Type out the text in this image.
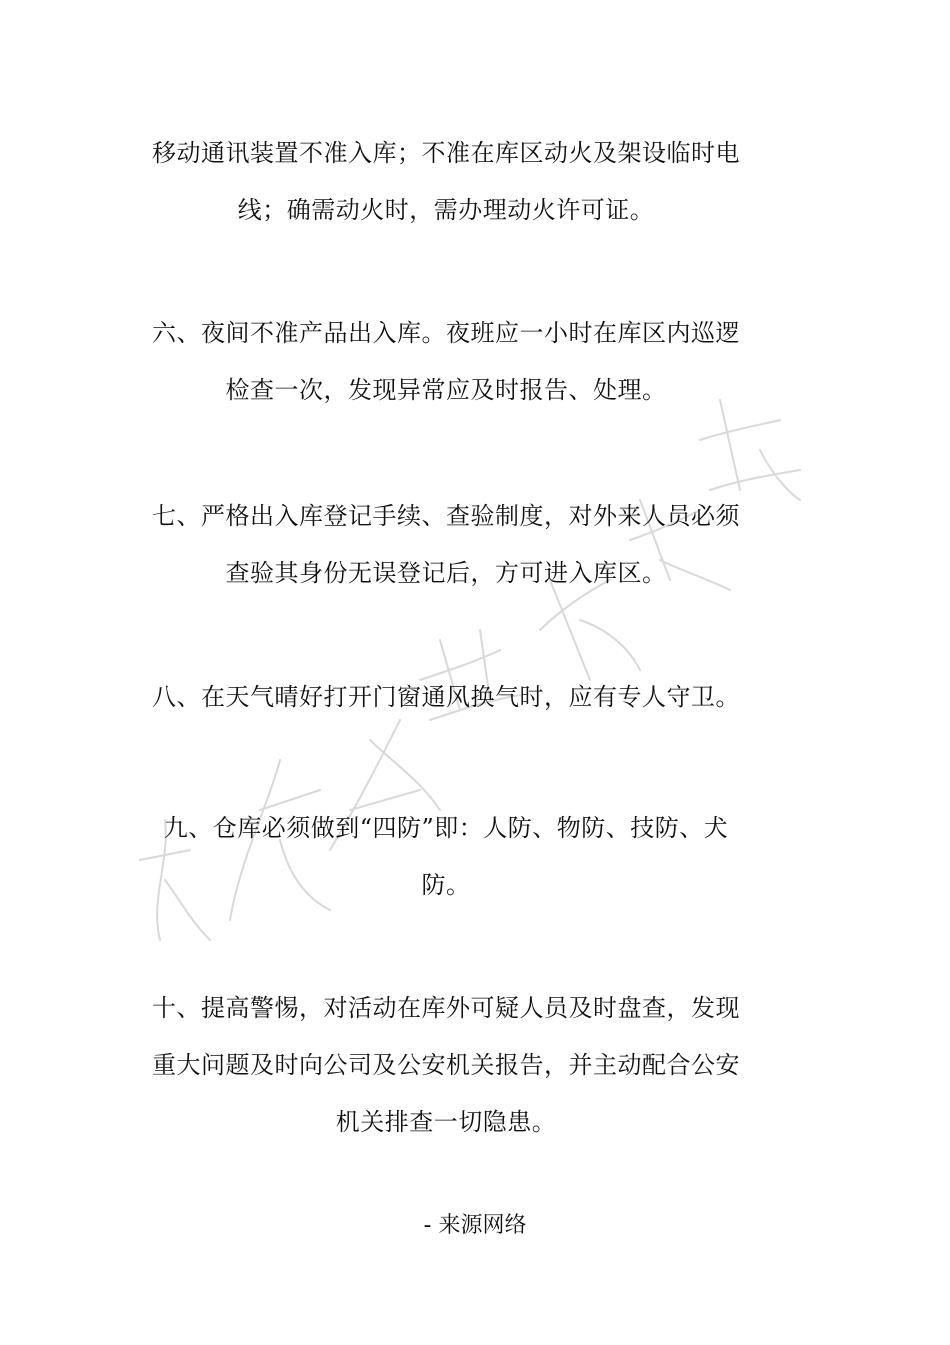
移动通讯装置不准入库；不准在库区动火及架设临时电线；确需动火时，需办理动火许可证。
六、夜间不准产品出入库。夜班应一小时在库区内巡逻检查一次，发现异常应及时报告、处理。
七、严格出入库登记手续、查验制度，对外来人员必须查验其身份无误登记后，方可进入库区。
八、在天气晴好打开门窗通风换气时，应有专人守卫。
九、仓库必须做到“四防”即：人防、物防、技防、犬防。
十、提高警惕，对活动在库外可疑人员及时盘查，发现重大问题及时向公司及公安机关报告，并主动配合公安机关排查一切隐患。
- 来源网络
